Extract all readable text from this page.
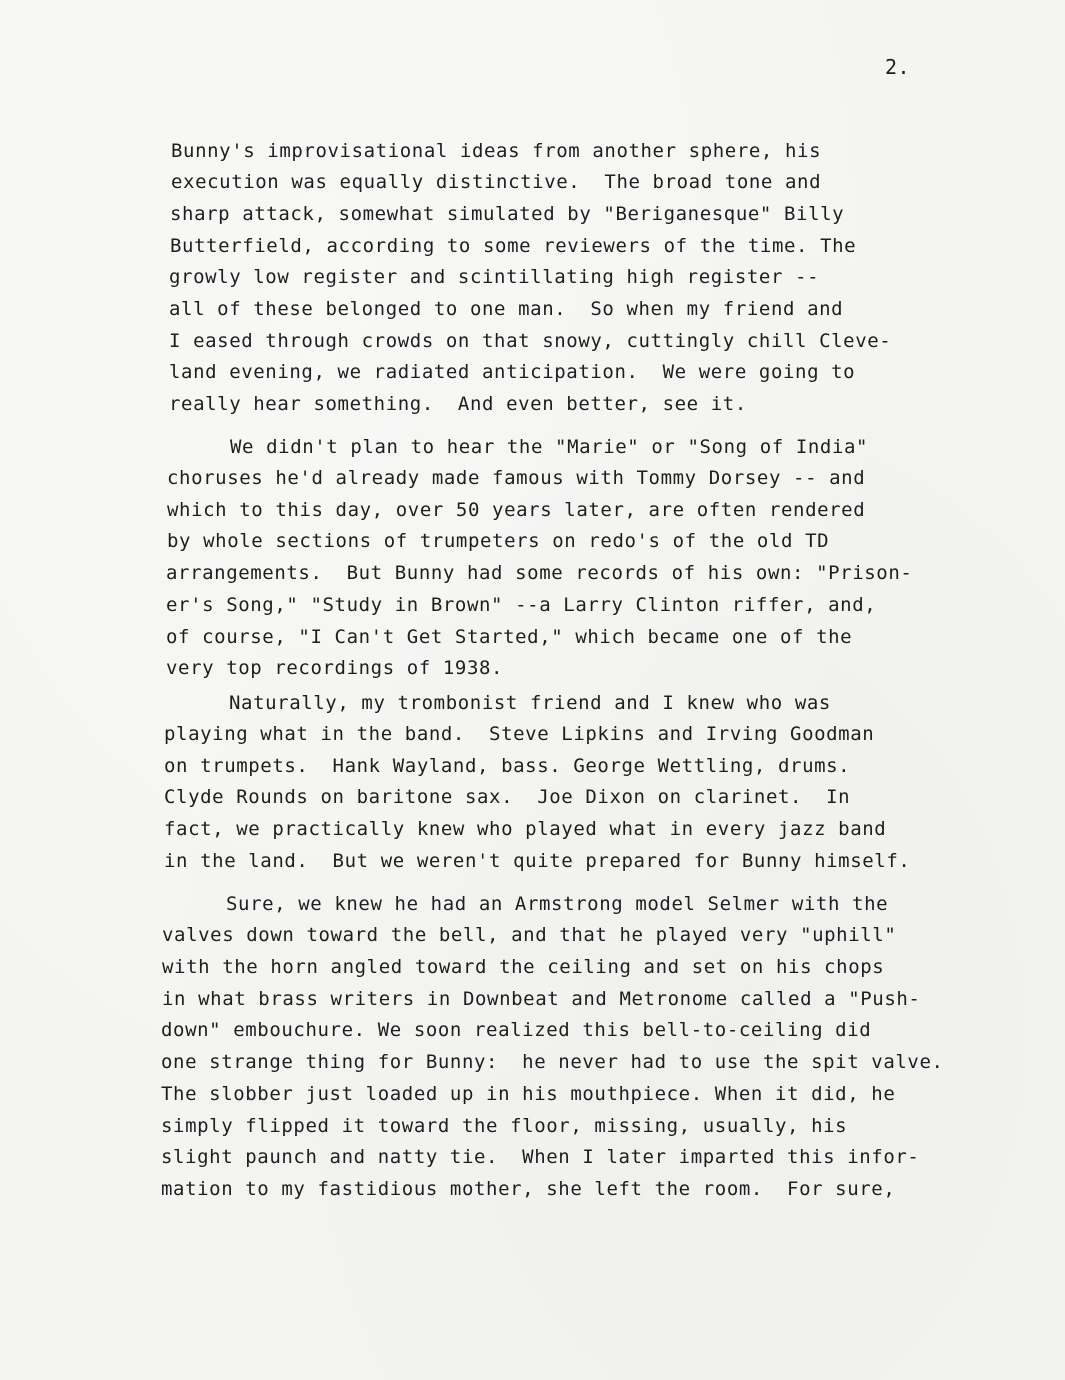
2.
Bunny's improvisational ideas from another sphere, his
execution was equally distinctive.  The broad tone and
sharp attack, somewhat simulated by "Beriganesque" Billy
Butterfield, according to some reviewers of the time. The
growly low register and scintillating high register --
all of these belonged to one man.  So when my friend and
I eased through crowds on that snowy, cuttingly chill Cleve-
land evening, we radiated anticipation.  We were going to
really hear something.  And even better, see it.
We didn't plan to hear the "Marie" or "Song of India"
choruses he'd already made famous with Tommy Dorsey -- and
which to this day, over 50 years later, are often rendered
by whole sections of trumpeters on redo's of the old TD
arrangements.  But Bunny had some records of his own: "Prison-
er's Song," "Study in Brown" --a Larry Clinton riffer, and,
of course, "I Can't Get Started," which became one of the
very top recordings of 1938.
Naturally, my trombonist friend and I knew who was
playing what in the band.  Steve Lipkins and Irving Goodman
on trumpets.  Hank Wayland, bass. George Wettling, drums.
Clyde Rounds on baritone sax.  Joe Dixon on clarinet.  In
fact, we practically knew who played what in every jazz band
in the land.  But we weren't quite prepared for Bunny himself.
Sure, we knew he had an Armstrong model Selmer with the
valves down toward the bell, and that he played very "uphill"
with the horn angled toward the ceiling and set on his chops
in what brass writers in Downbeat and Metronome called a "Push-
down" embouchure. We soon realized this bell-to-ceiling did
one strange thing for Bunny:  he never had to use the spit valve.
The slobber just loaded up in his mouthpiece. When it did, he
simply flipped it toward the floor, missing, usually, his
slight paunch and natty tie.  When I later imparted this infor-
mation to my fastidious mother, she left the room.  For sure,
